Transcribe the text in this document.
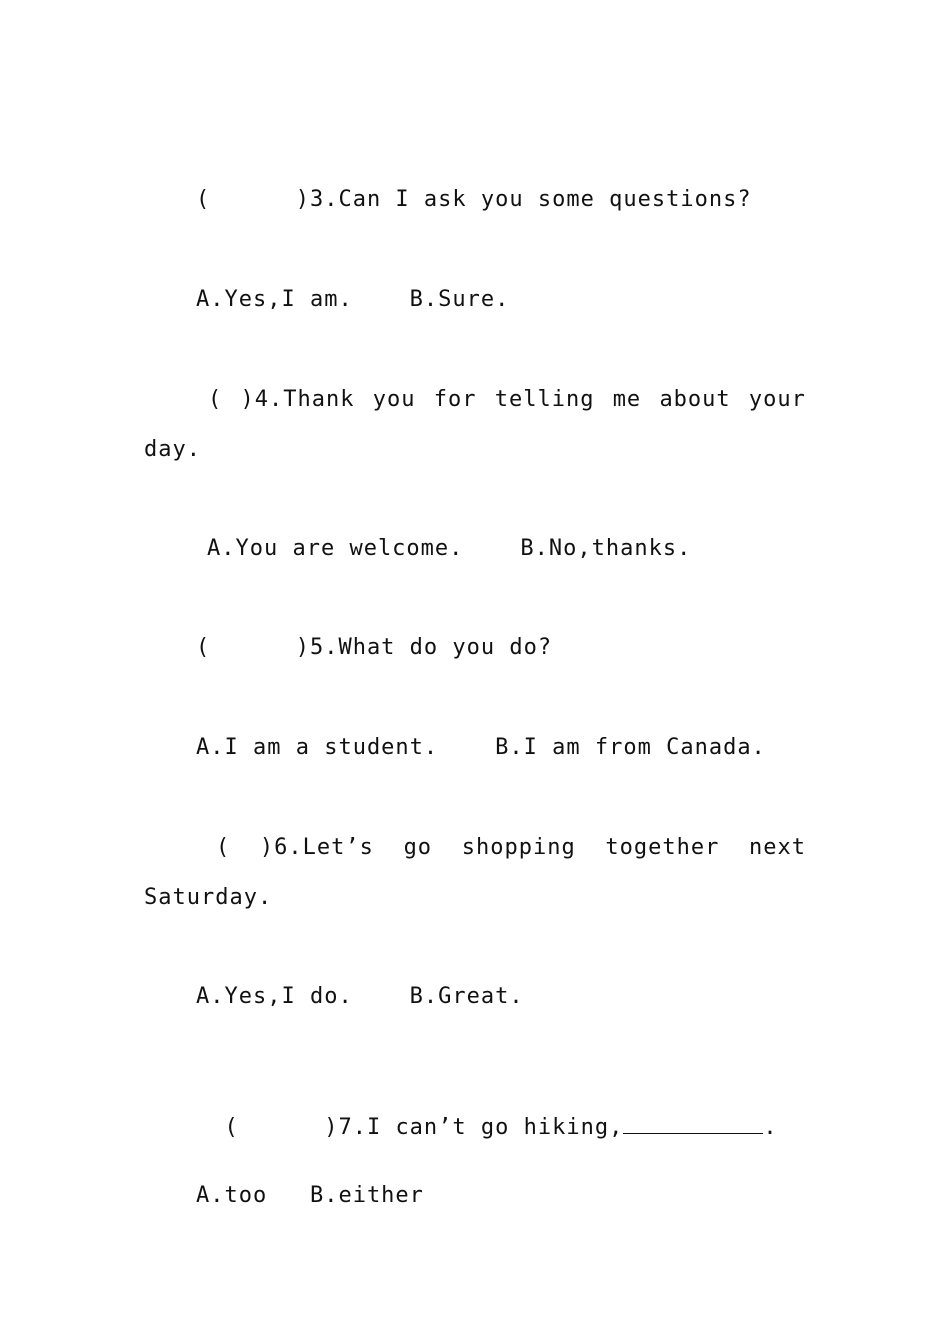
(      )3.Can I ask you some questions?
A.Yes,I am.    B.Sure.
( )4.Thank you for telling me about your
day.
A.You are welcome.    B.No,thanks.
(      )5.What do you do?
A.I am a student.    B.I am from Canada.
( )6.Let’s go shopping together next
Saturday.
A.Yes,I do.    B.Great.

(      )7.I can’t go hiking,	.

A.too   B.either
